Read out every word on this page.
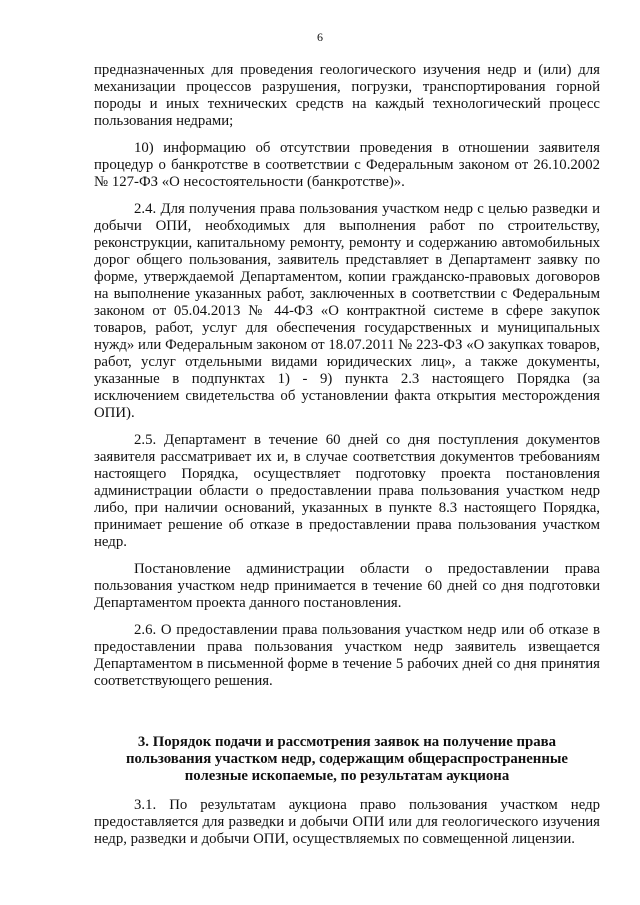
6

предназначенных для проведения геологического изучения недр и (или) для механизации процессов разрушения, погрузки, транспортирования горной породы и иных технических средств на каждый технологический процесс пользования недрами;

10) информацию об отсутствии проведения в отношении заявителя процедур о банкротстве в соответствии с Федеральным законом от 26.10.2002 № 127-ФЗ «О несостоятельности (банкротстве)».

2.4. Для получения права пользования участком недр с целью разведки и добычи ОПИ, необходимых для выполнения работ по строительству, реконструкции, капитальному ремонту, ремонту и содержанию автомобильных дорог общего пользования, заявитель представляет в Департамент заявку по форме, утверждаемой Департаментом, копии гражданско-правовых договоров на выполнение указанных работ, заключенных в соответствии с Федеральным законом от 05.04.2013 № 44-ФЗ «О контрактной системе в сфере закупок товаров, работ, услуг для обеспечения государственных и муниципальных нужд» или Федеральным законом от 18.07.2011 № 223-ФЗ «О закупках товаров, работ, услуг отдельными видами юридических лиц», а также документы, указанные в подпунктах 1) - 9) пункта 2.3 настоящего Порядка (за исключением свидетельства об установлении факта открытия месторождения ОПИ).

2.5. Департамент в течение 60 дней со дня поступления документов заявителя рассматривает их и, в случае соответствия документов требованиям настоящего Порядка, осуществляет подготовку проекта постановления администрации области о предоставлении права пользования участком недр либо, при наличии оснований, указанных в пункте 8.3 настоящего Порядка, принимает решение об отказе в предоставлении права пользования участком недр.

Постановление администрации области о предоставлении права пользования участком недр принимается в течение 60 дней со дня подготовки Департаментом проекта данного постановления.

2.6. О предоставлении права пользования участком недр или об отказе в предоставлении права пользования участком недр заявитель извещается Департаментом в письменной форме в течение 5 рабочих дней со дня принятия соответствующего решения.

3. Порядок подачи и рассмотрения заявок на получение права пользования участком недр, содержащим общераспространенные полезные ископаемые, по результатам аукциона

3.1. По результатам аукциона право пользования участком недр предоставляется для разведки и добычи ОПИ или для геологического изучения недр, разведки и добычи ОПИ, осуществляемых по совмещенной лицензии.
